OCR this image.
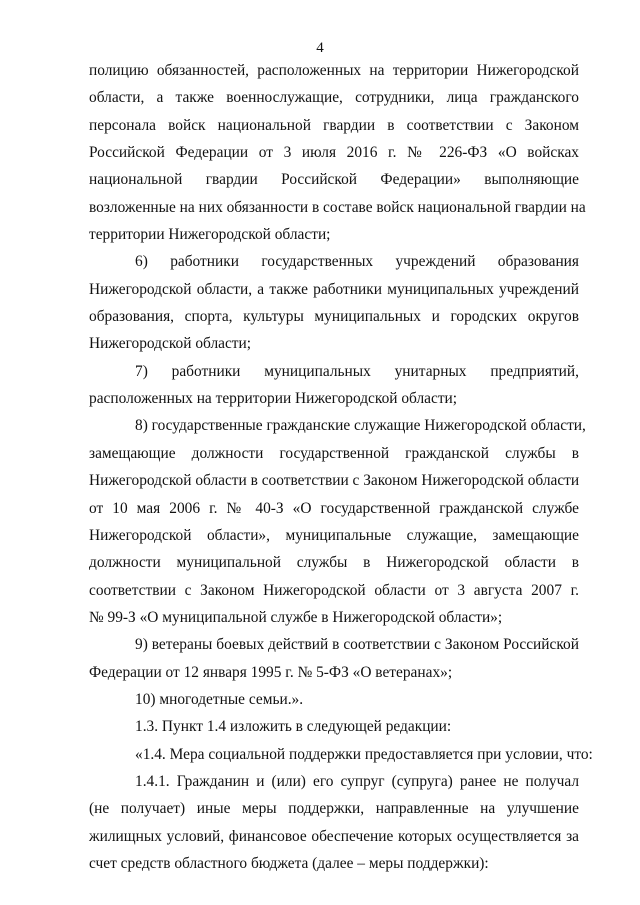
4
полицию обязанностей, расположенных на территории Нижегородской
области, а также военнослужащие, сотрудники, лица гражданского
персонала войск национальной гвардии в соответствии с Законом
Российской Федерации от 3 июля 2016 г. № 226-ФЗ «О войсках
национальной гвардии Российской Федерации» выполняющие
возложенные на них обязанности в составе войск национальной гвардии на
территории Нижегородской области;
6) работники государственных учреждений образования
Нижегородской области, а также работники муниципальных учреждений
образования, спорта, культуры муниципальных и городских округов
Нижегородской области;
7) работники муниципальных унитарных предприятий,
расположенных на территории Нижегородской области;
8) государственные гражданские служащие Нижегородской области,
замещающие должности государственной гражданской службы в
Нижегородской области в соответствии с Законом Нижегородской области
от 10 мая 2006 г. № 40-З «О государственной гражданской службе
Нижегородской области», муниципальные служащие, замещающие
должности муниципальной службы в Нижегородской области в
соответствии с Законом Нижегородской области от 3 августа 2007 г.
№ 99-З «О муниципальной службе в Нижегородской области»;
9) ветераны боевых действий в соответствии с Законом Российской
Федерации от 12 января 1995 г. № 5-ФЗ «О ветеранах»;
10) многодетные семьи.».
1.3. Пункт 1.4 изложить в следующей редакции:
«1.4. Мера социальной поддержки предоставляется при условии, что:
1.4.1. Гражданин и (или) его супруг (супруга) ранее не получал
(не получает) иные меры поддержки, направленные на улучшение
жилищных условий, финансовое обеспечение которых осуществляется за
счет средств областного бюджета (далее – меры поддержки):
